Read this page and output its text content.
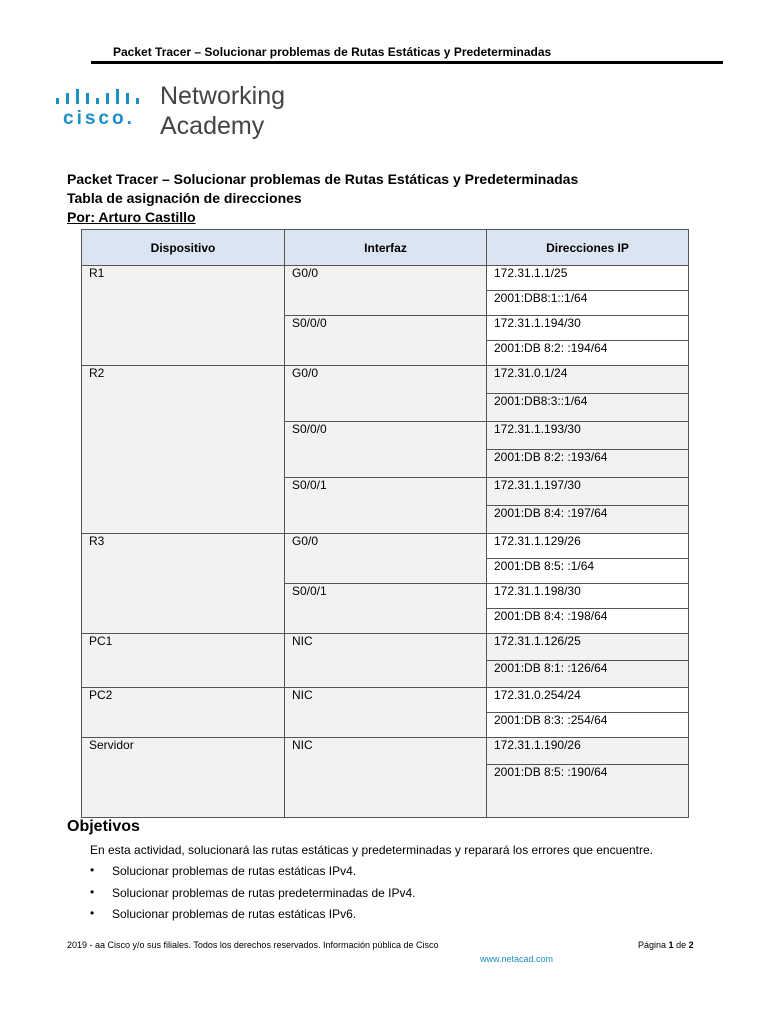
Packet Tracer – Solucionar problemas de Rutas Estáticas y Predeterminadas
cisco.
Networking
Academy
Packet Tracer – Solucionar problemas de Rutas Estáticas y Predeterminadas
Tabla de asignación de direcciones
Por: Arturo Castillo
Dispositivo	Interfaz	Direcciones IP
R1	G0/0	172.31.1.1/25
		2001:DB8:1::1/64
	S0/0/0	172.31.1.194/30
		2001:DB 8:2: :194/64
R2	G0/0	172.31.0.1/24
		2001:DB8:3::1/64
	S0/0/0	172.31.1.193/30
		2001:DB 8:2: :193/64
	S0/0/1	172.31.1.197/30
		2001:DB 8:4: :197/64
R3	G0/0	172.31.1.129/26
		2001:DB 8:5: :1/64
	S0/0/1	172.31.1.198/30
		2001:DB 8:4: :198/64
PC1	NIC	172.31.1.126/25
		2001:DB 8:1: :126/64
PC2	NIC	172.31.0.254/24
		2001:DB 8:3: :254/64
Servidor	NIC	172.31.1.190/26
		2001:DB 8:5: :190/64
Objetivos
En esta actividad, solucionará las rutas estáticas y predeterminadas y reparará los errores que encuentre.
• Solucionar problemas de rutas estáticas IPv4.
• Solucionar problemas de rutas predeterminadas de IPv4.
• Solucionar problemas de rutas estáticas IPv6.
2019 - aa Cisco y/o sus filiales. Todos los derechos reservados. Información pública de Cisco	Página 1 de 2
www.netacad.com
